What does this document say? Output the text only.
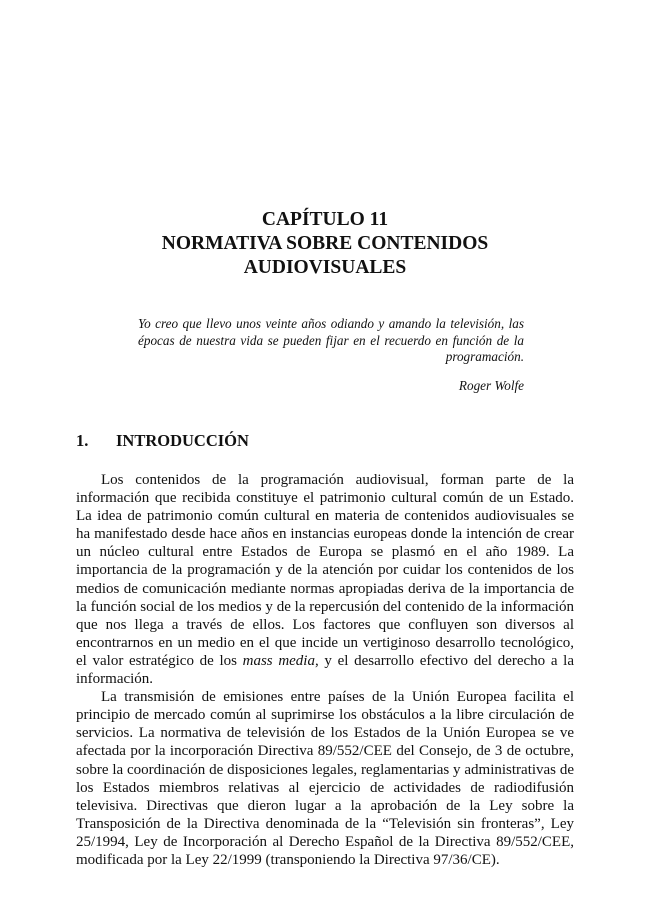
CAPÍTULO 11
NORMATIVA SOBRE CONTENIDOS
AUDIOVISUALES

Yo creo que llevo unos veinte años odiando y amando la televisión, las épocas de nuestra vida se pueden fijar en el recuerdo en función de la programación.

Roger Wolfe

1. INTRODUCCIÓN

Los contenidos de la programación audiovisual, forman parte de la información que recibida constituye el patrimonio cultural común de un Estado. La idea de patrimonio común cultural en materia de contenidos audiovisuales se ha manifestado desde hace años en instancias europeas donde la intención de crear un núcleo cultural entre Estados de Europa se plasmó en el año 1989. La importancia de la programación y de la atención por cuidar los contenidos de los medios de comunicación mediante normas apropiadas deriva de la importancia de la función social de los medios y de la repercusión del contenido de la información que nos llega a través de ellos. Los factores que confluyen son diversos al encontrarnos en un medio en el que incide un vertiginoso desarrollo tecnológico, el valor estratégico de los mass media, y el desarrollo efectivo del derecho a la información.

La transmisión de emisiones entre países de la Unión Europea facilita el principio de mercado común al suprimirse los obstáculos a la libre circulación de servicios. La normativa de televisión de los Estados de la Unión Europea se ve afectada por la incorporación Directiva 89/552/CEE del Consejo, de 3 de octubre, sobre la coordinación de disposiciones legales, reglamentarias y administrativas de los Estados miembros relativas al ejercicio de actividades de radiodifusión televisiva. Directivas que dieron lugar a la aprobación de la Ley sobre la Transposición de la Directiva denominada de la “Televisión sin fronteras”, Ley 25/1994, Ley de Incorporación al Derecho Español de la Directiva 89/552/CEE, modificada por la Ley 22/1999 (transponiendo la Directiva 97/36/CE).
